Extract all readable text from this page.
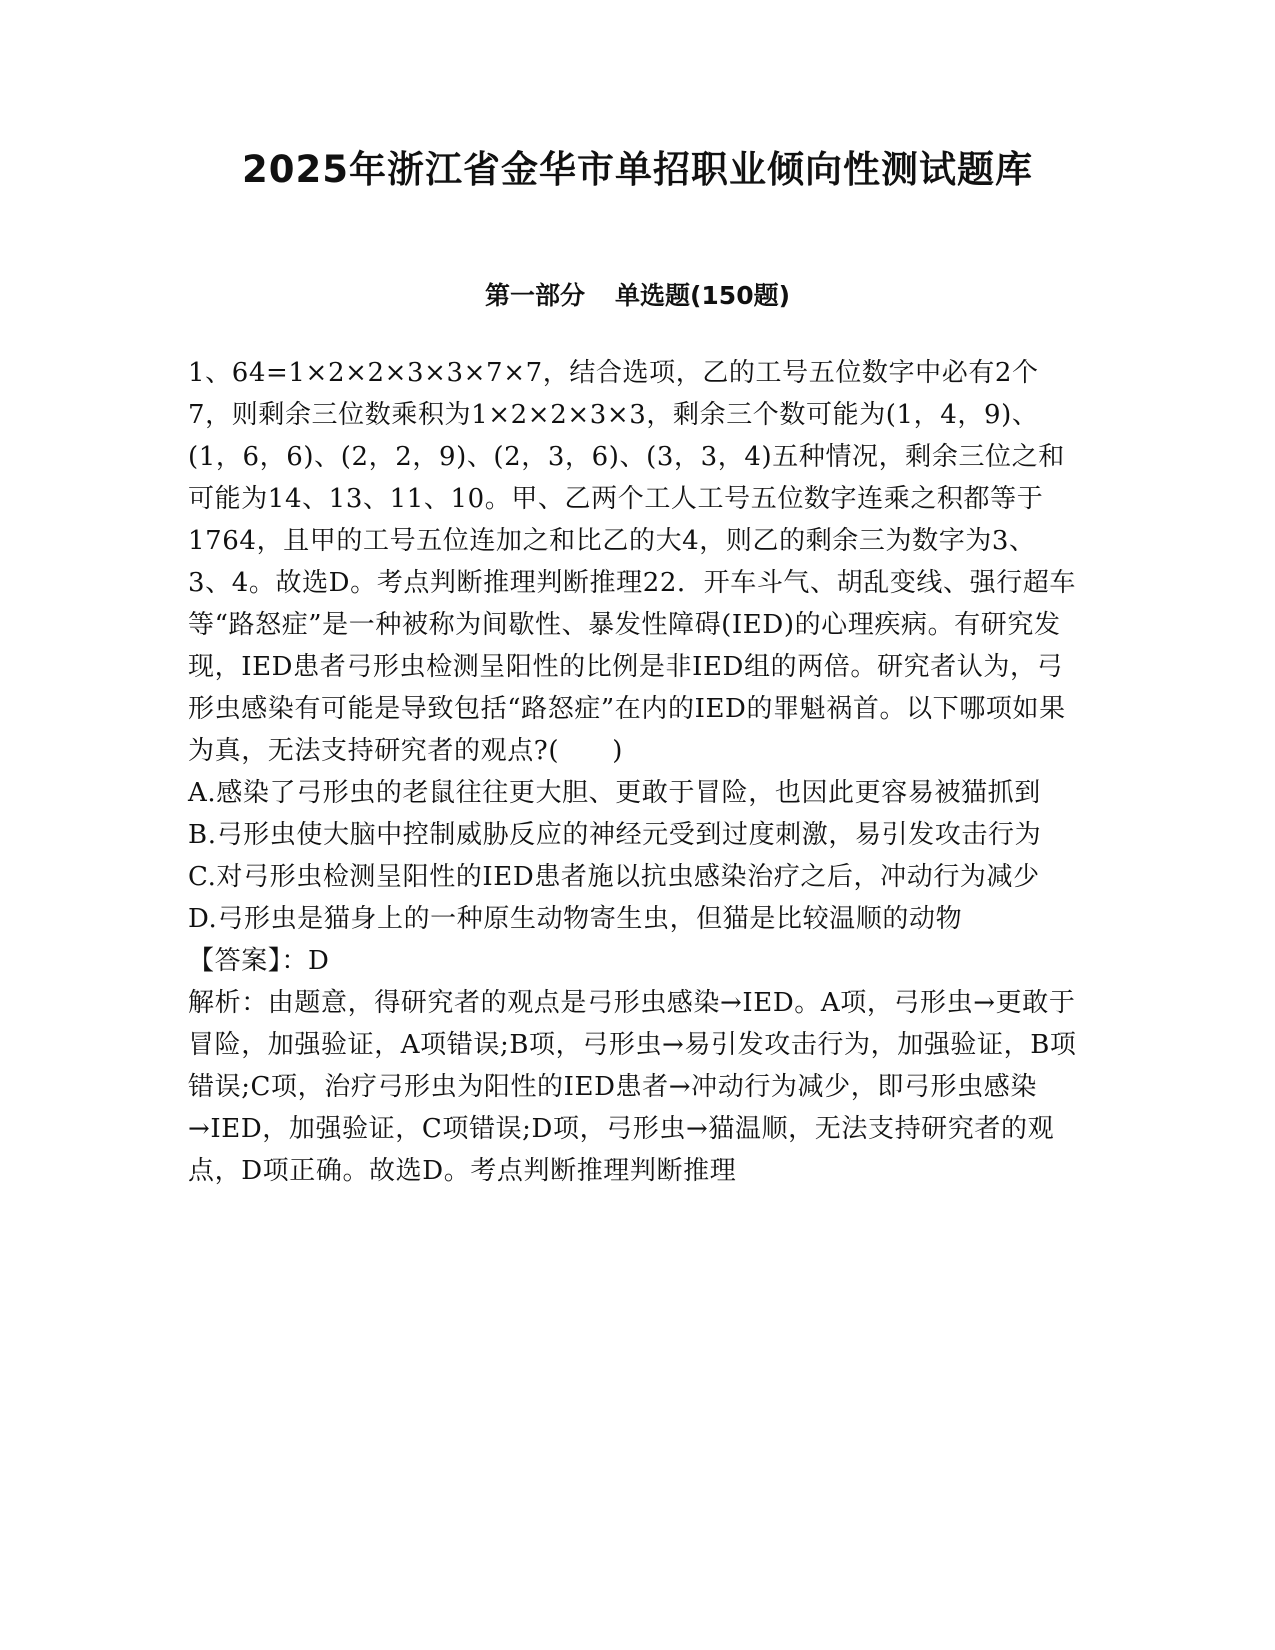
2025年浙江省金华市单招职业倾向性测试题库
第一部分 单选题(150题)

1、64=1×2×2×3×3×7×7，结合选项，乙的工号五位数字中必有2个7，则剩余三位数乘积为1×2×2×3×3，剩余三个数可能为(1，4，9)、(1，6，6)、(2，2，9)、(2，3，6)、(3，3，4)五种情况，剩余三位之和可能为14、13、11、10。甲、乙两个工人工号五位数字连乘之积都等于1764，且甲的工号五位连加之和比乙的大4，则乙的剩余三为数字为3、3、4。故选D。考点判断推理判断推理22．开车斗气、胡乱变线、强行超车等“路怒症”是一种被称为间歇性、暴发性障碍(IED)的心理疾病。有研究发现，IED患者弓形虫检测呈阳性的比例是非IED组的两倍。研究者认为，弓形虫感染有可能是导致包括“路怒症”在内的IED的罪魁祸首。以下哪项如果为真，无法支持研究者的观点?(　　)

A.感染了弓形虫的老鼠往往更大胆、更敢于冒险，也因此更容易被猫抓到

B.弓形虫使大脑中控制威胁反应的神经元受到过度刺激，易引发攻击行为

C.对弓形虫检测呈阳性的IED患者施以抗虫感染治疗之后，冲动行为减少

D.弓形虫是猫身上的一种原生动物寄生虫，但猫是比较温顺的动物

【答案】：D

解析：由题意，得研究者的观点是弓形虫感染→IED。A项，弓形虫→更敢于冒险，加强验证，A项错误;B项，弓形虫→易引发攻击行为，加强验证，B项错误;C项，治疗弓形虫为阳性的IED患者→冲动行为减少，即弓形虫感染→IED，加强验证，C项错误;D项，弓形虫→猫温顺，无法支持研究者的观点，D项正确。故选D。考点判断推理判断推理
